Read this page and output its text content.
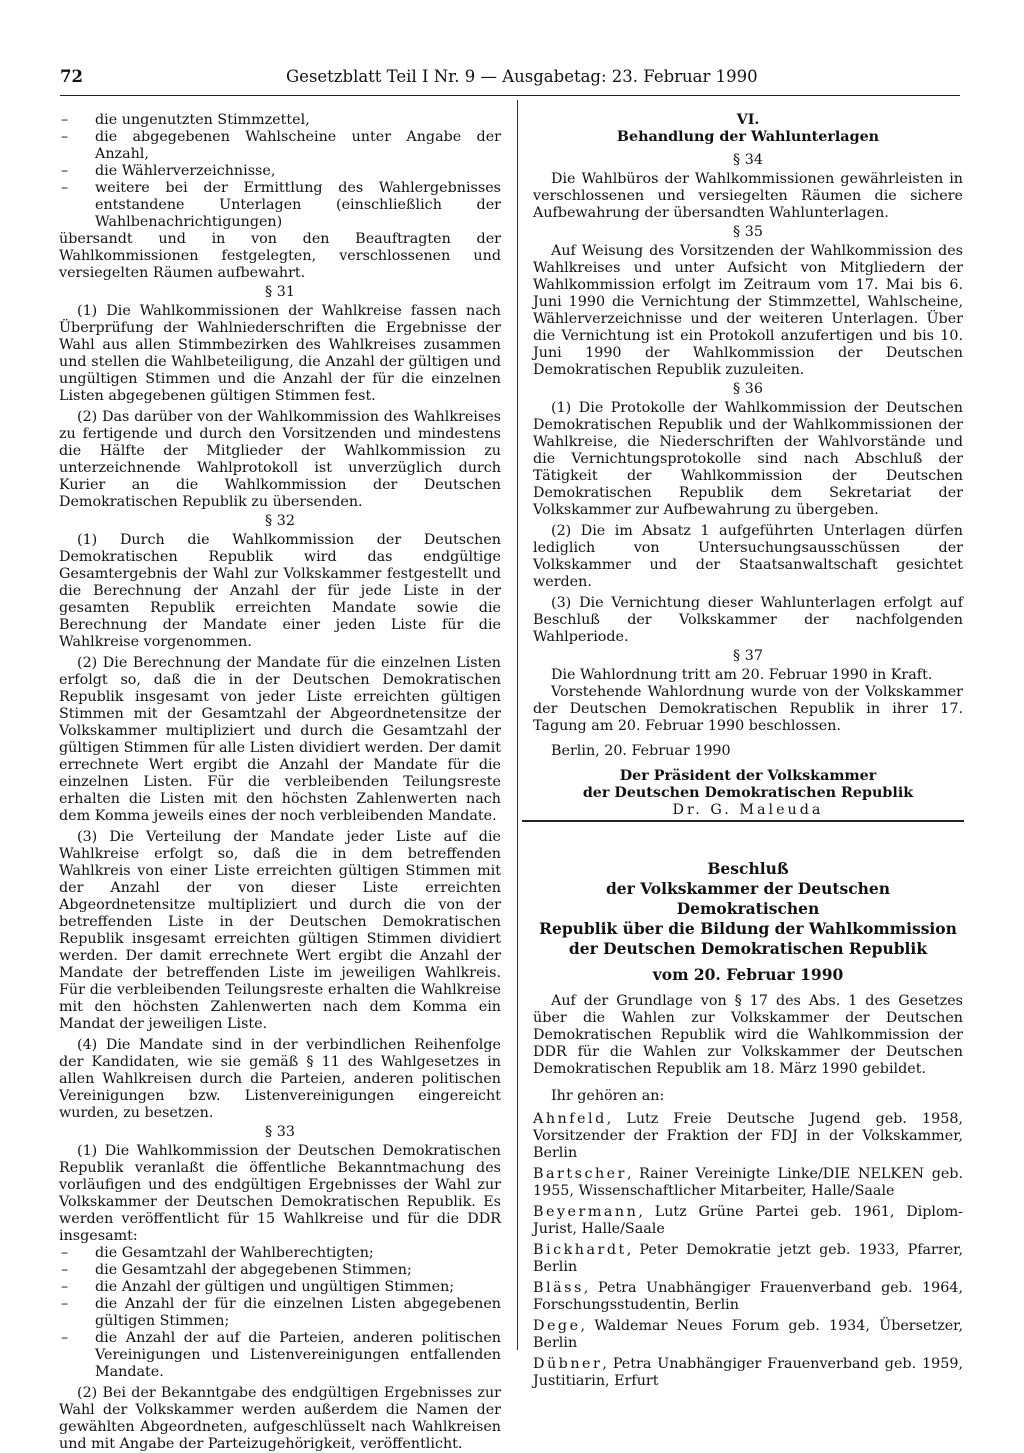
72	Gesetzblatt Teil I Nr. 9 — Ausgabetag: 23. Februar 1990

– die ungenutzten Stimmzettel,

– die abgegebenen Wahlscheine unter Angabe der Anzahl,

– die Wählerverzeichnisse,

– weitere bei der Ermittlung des Wahlergebnisses entstandene Unterlagen (einschließlich der Wahlbenachrichtigungen)

übersandt und in von den Beauftragten der Wahlkommissionen festgelegten, verschlossenen und versiegelten Räumen aufbewahrt.

§ 31

(1) Die Wahlkommissionen der Wahlkreise fassen nach Überprüfung der Wahlniederschriften die Ergebnisse der Wahl aus allen Stimmbezirken des Wahlkreises zusammen und stellen die Wahlbeteiligung, die Anzahl der gültigen und ungültigen Stimmen und die Anzahl der für die einzelnen Listen abgegebenen gültigen Stimmen fest.

(2) Das darüber von der Wahlkommission des Wahlkreises zu fertigende und durch den Vorsitzenden und mindestens die Hälfte der Mitglieder der Wahlkommission zu unterzeichnende Wahlprotokoll ist unverzüglich durch Kurier an die Wahlkommission der Deutschen Demokratischen Republik zu übersenden.

§ 32

(1) Durch die Wahlkommission der Deutschen Demokratischen Republik wird das endgültige Gesamtergebnis der Wahl zur Volkskammer festgestellt und die Berechnung der Anzahl der für jede Liste in der gesamten Republik erreichten Mandate sowie die Berechnung der Mandate einer jeden Liste für die Wahlkreise vorgenommen.

(2) Die Berechnung der Mandate für die einzelnen Listen erfolgt so, daß die in der Deutschen Demokratischen Republik insgesamt von jeder Liste erreichten gültigen Stimmen mit der Gesamtzahl der Abgeordnetensitze der Volkskammer multipliziert und durch die Gesamtzahl der gültigen Stimmen für alle Listen dividiert werden. Der damit errechnete Wert ergibt die Anzahl der Mandate für die einzelnen Listen. Für die verbleibenden Teilungsreste erhalten die Listen mit den höchsten Zahlenwerten nach dem Komma jeweils eines der noch verbleibenden Mandate.

(3) Die Verteilung der Mandate jeder Liste auf die Wahlkreise erfolgt so, daß die in dem betreffenden Wahlkreis von einer Liste erreichten gültigen Stimmen mit der Anzahl der von dieser Liste erreichten Abgeordnetensitze multipliziert und durch die von der betreffenden Liste in der Deutschen Demokratischen Republik insgesamt erreichten gültigen Stimmen dividiert werden. Der damit errechnete Wert ergibt die Anzahl der Mandate der betreffenden Liste im jeweiligen Wahlkreis. Für die verbleibenden Teilungsreste erhalten die Wahlkreise mit den höchsten Zahlenwerten nach dem Komma ein Mandat der jeweiligen Liste.

(4) Die Mandate sind in der verbindlichen Reihenfolge der Kandidaten, wie sie gemäß § 11 des Wahlgesetzes in allen Wahlkreisen durch die Parteien, anderen politischen Vereinigungen bzw. Listenvereinigungen eingereicht wurden, zu besetzen.

§ 33

(1) Die Wahlkommission der Deutschen Demokratischen Republik veranlaßt die öffentliche Bekanntmachung des vorläufigen und des endgültigen Ergebnisses der Wahl zur Volkskammer der Deutschen Demokratischen Republik. Es werden veröffentlicht für 15 Wahlkreise und für die DDR insgesamt:

– die Gesamtzahl der Wahlberechtigten;

– die Gesamtzahl der abgegebenen Stimmen;

– die Anzahl der gültigen und ungültigen Stimmen;

– die Anzahl der für die einzelnen Listen abgegebenen gültigen Stimmen;

– die Anzahl der auf die Parteien, anderen politischen Vereinigungen und Listenvereinigungen entfallenden Mandate.

(2) Bei der Bekanntgabe des endgültigen Ergebnisses zur Wahl der Volkskammer werden außerdem die Namen der gewählten Abgeordneten, aufgeschlüsselt nach Wahlkreisen und mit Angabe der Parteizugehörigkeit, veröffentlicht.

VI.

Behandlung der Wahlunterlagen

§ 34

Die Wahlbüros der Wahlkommissionen gewährleisten in verschlossenen und versiegelten Räumen die sichere Aufbewahrung der übersandten Wahlunterlagen.

§ 35

Auf Weisung des Vorsitzenden der Wahlkommission des Wahlkreises und unter Aufsicht von Mitgliedern der Wahlkommission erfolgt im Zeitraum vom 17. Mai bis 6. Juni 1990 die Vernichtung der Stimmzettel, Wahlscheine, Wählerverzeichnisse und der weiteren Unterlagen. Über die Vernichtung ist ein Protokoll anzufertigen und bis 10. Juni 1990 der Wahlkommission der Deutschen Demokratischen Republik zuzuleiten.

§ 36

(1) Die Protokolle der Wahlkommission der Deutschen Demokratischen Republik und der Wahlkommissionen der Wahlkreise, die Niederschriften der Wahlvorstände und die Vernichtungsprotokolle sind nach Abschluß der Tätigkeit der Wahlkommission der Deutschen Demokratischen Republik dem Sekretariat der Volkskammer zur Aufbewahrung zu übergeben.

(2) Die im Absatz 1 aufgeführten Unterlagen dürfen lediglich von Untersuchungsausschüssen der Volkskammer und der Staatsanwaltschaft gesichtet werden.

(3) Die Vernichtung dieser Wahlunterlagen erfolgt auf Beschluß der Volkskammer der nachfolgenden Wahlperiode.

§ 37

Die Wahlordnung tritt am 20. Februar 1990 in Kraft.

Vorstehende Wahlordnung wurde von der Volkskammer der Deutschen Demokratischen Republik in ihrer 17. Tagung am 20. Februar 1990 beschlossen.

Berlin, 20. Februar 1990

Der Präsident der Volkskammer

der Deutschen Demokratischen Republik

Dr. G. Maleuda

Beschluß

der Volkskammer der Deutschen Demokratischen

Republik über die Bildung der Wahlkommission

der Deutschen Demokratischen Republik

vom 20. Februar 1990

Auf der Grundlage von § 17 des Abs. 1 des Gesetzes über die Wahlen zur Volkskammer der Deutschen Demokratischen Republik wird die Wahlkommission der DDR für die Wahlen zur Volkskammer der Deutschen Demokratischen Republik am 18. März 1990 gebildet.

Ihr gehören an:

Ahnfeld, Lutz Freie Deutsche Jugend geb. 1958, Vorsitzender der Fraktion der FDJ in der Volkskammer, Berlin

Bartscher, Rainer Vereinigte Linke/DIE NELKEN geb. 1955, Wissenschaftlicher Mitarbeiter, Halle/Saale

Beyermann, Lutz Grüne Partei geb. 1961, Diplom-Jurist, Halle/Saale

Bickhardt, Peter Demokratie jetzt geb. 1933, Pfarrer, Berlin

Bläss, Petra Unabhängiger Frauenverband geb. 1964, Forschungsstudentin, Berlin

Dege, Waldemar Neues Forum geb. 1934, Übersetzer, Berlin

Dübner, Petra Unabhängiger Frauenverband geb. 1959, Justitiarin, Erfurt
